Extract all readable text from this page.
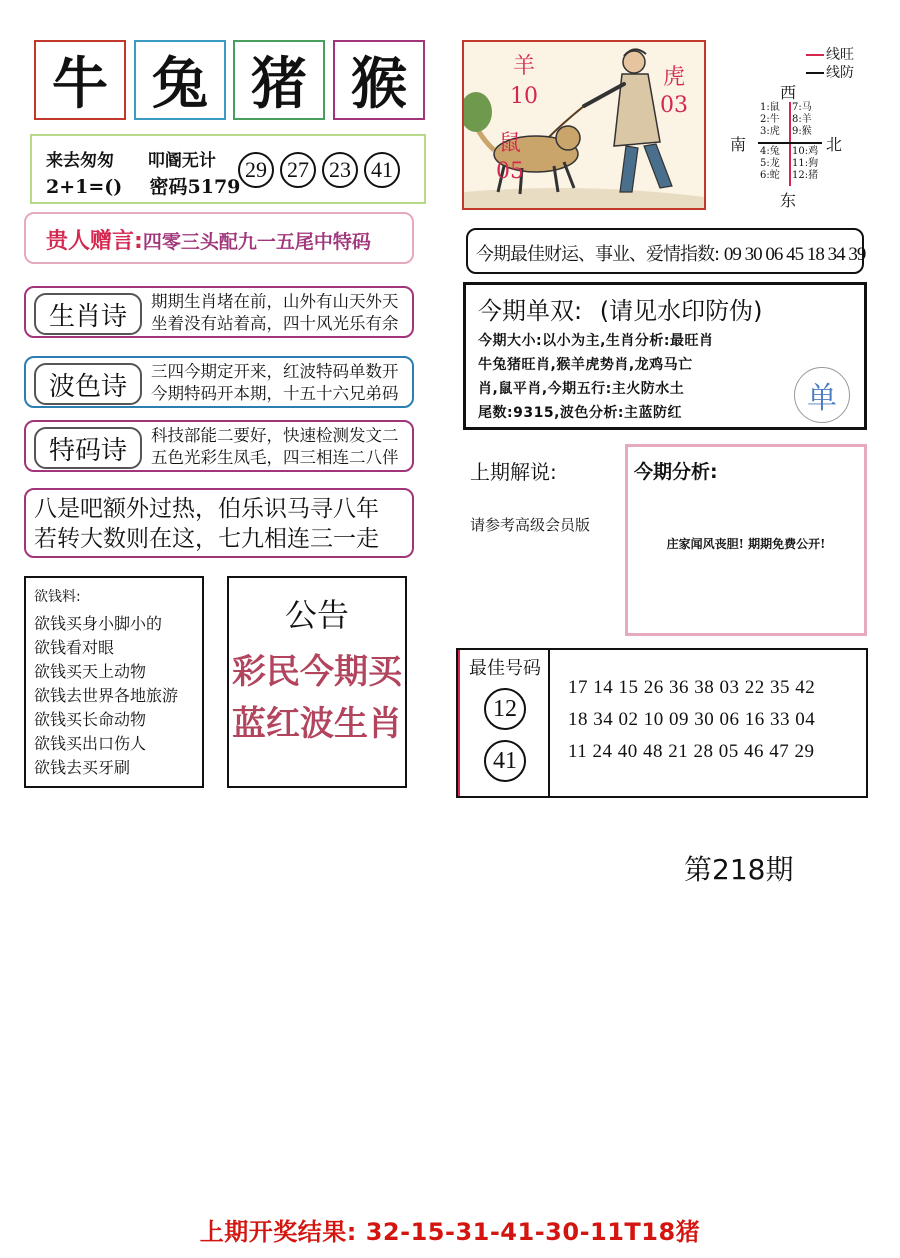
牛 兔 猪 猴
来去匆匆 叩阍无计
2+1=() 密码5179
29 27 23 41
贵人赠言:四零三头配九一五尾中特码
生肖诗	期期生肖堵在前，山外有山天外天
坐着没有站着高，四十风光乐有余
波色诗	三四今期定开来，红波特码单数开
今期特码开本期，十五十六兄弟码
特码诗	科技部能二要好，快速检测发文二
五色光彩生凤毛，四三相连二八伴
八是吧额外过热，伯乐识马寻八年
若转大数则在这，七九相连三一走
欲钱料:
欲钱买身小脚小的
欲钱看对眼
欲钱买天上动物
欲钱去世界各地旅游
欲钱买长命动物
欲钱买出口伤人
欲钱去买牙刷
公告
彩民今期买
蓝红波生肖
羊
10
鼠
05
虎
03
线旺
线防
西
东
南	北
1:鼠
2:牛
3:虎
7:马
8:羊
9:猴
4:兔
5:龙
6:蛇
10:鸡
11:狗
12:猪
今期最佳财运、事业、爱情指数: 09 30 06 45 18 34 39
今期单双: (请见水印防伪)
今期大小:以小为主,生肖分析:最旺肖
牛兔猪旺肖,猴羊虎势肖,龙鸡马亡
肖,鼠平肖,今期五行:主火防水土
尾数:9315,波色分析:主蓝防红	单
上期解说:
请参考高级会员版
今期分析:
庄家闻风丧胆! 期期免费公开!
最佳号码
12
41
17 14 15 26 36 38 03 22 35 42
18 34 02 10 09 30 06 16 33 04
11 24 40 48 21 28 05 46 47 29
第218期
上期开奖结果: 32-15-31-41-30-11T18猪
